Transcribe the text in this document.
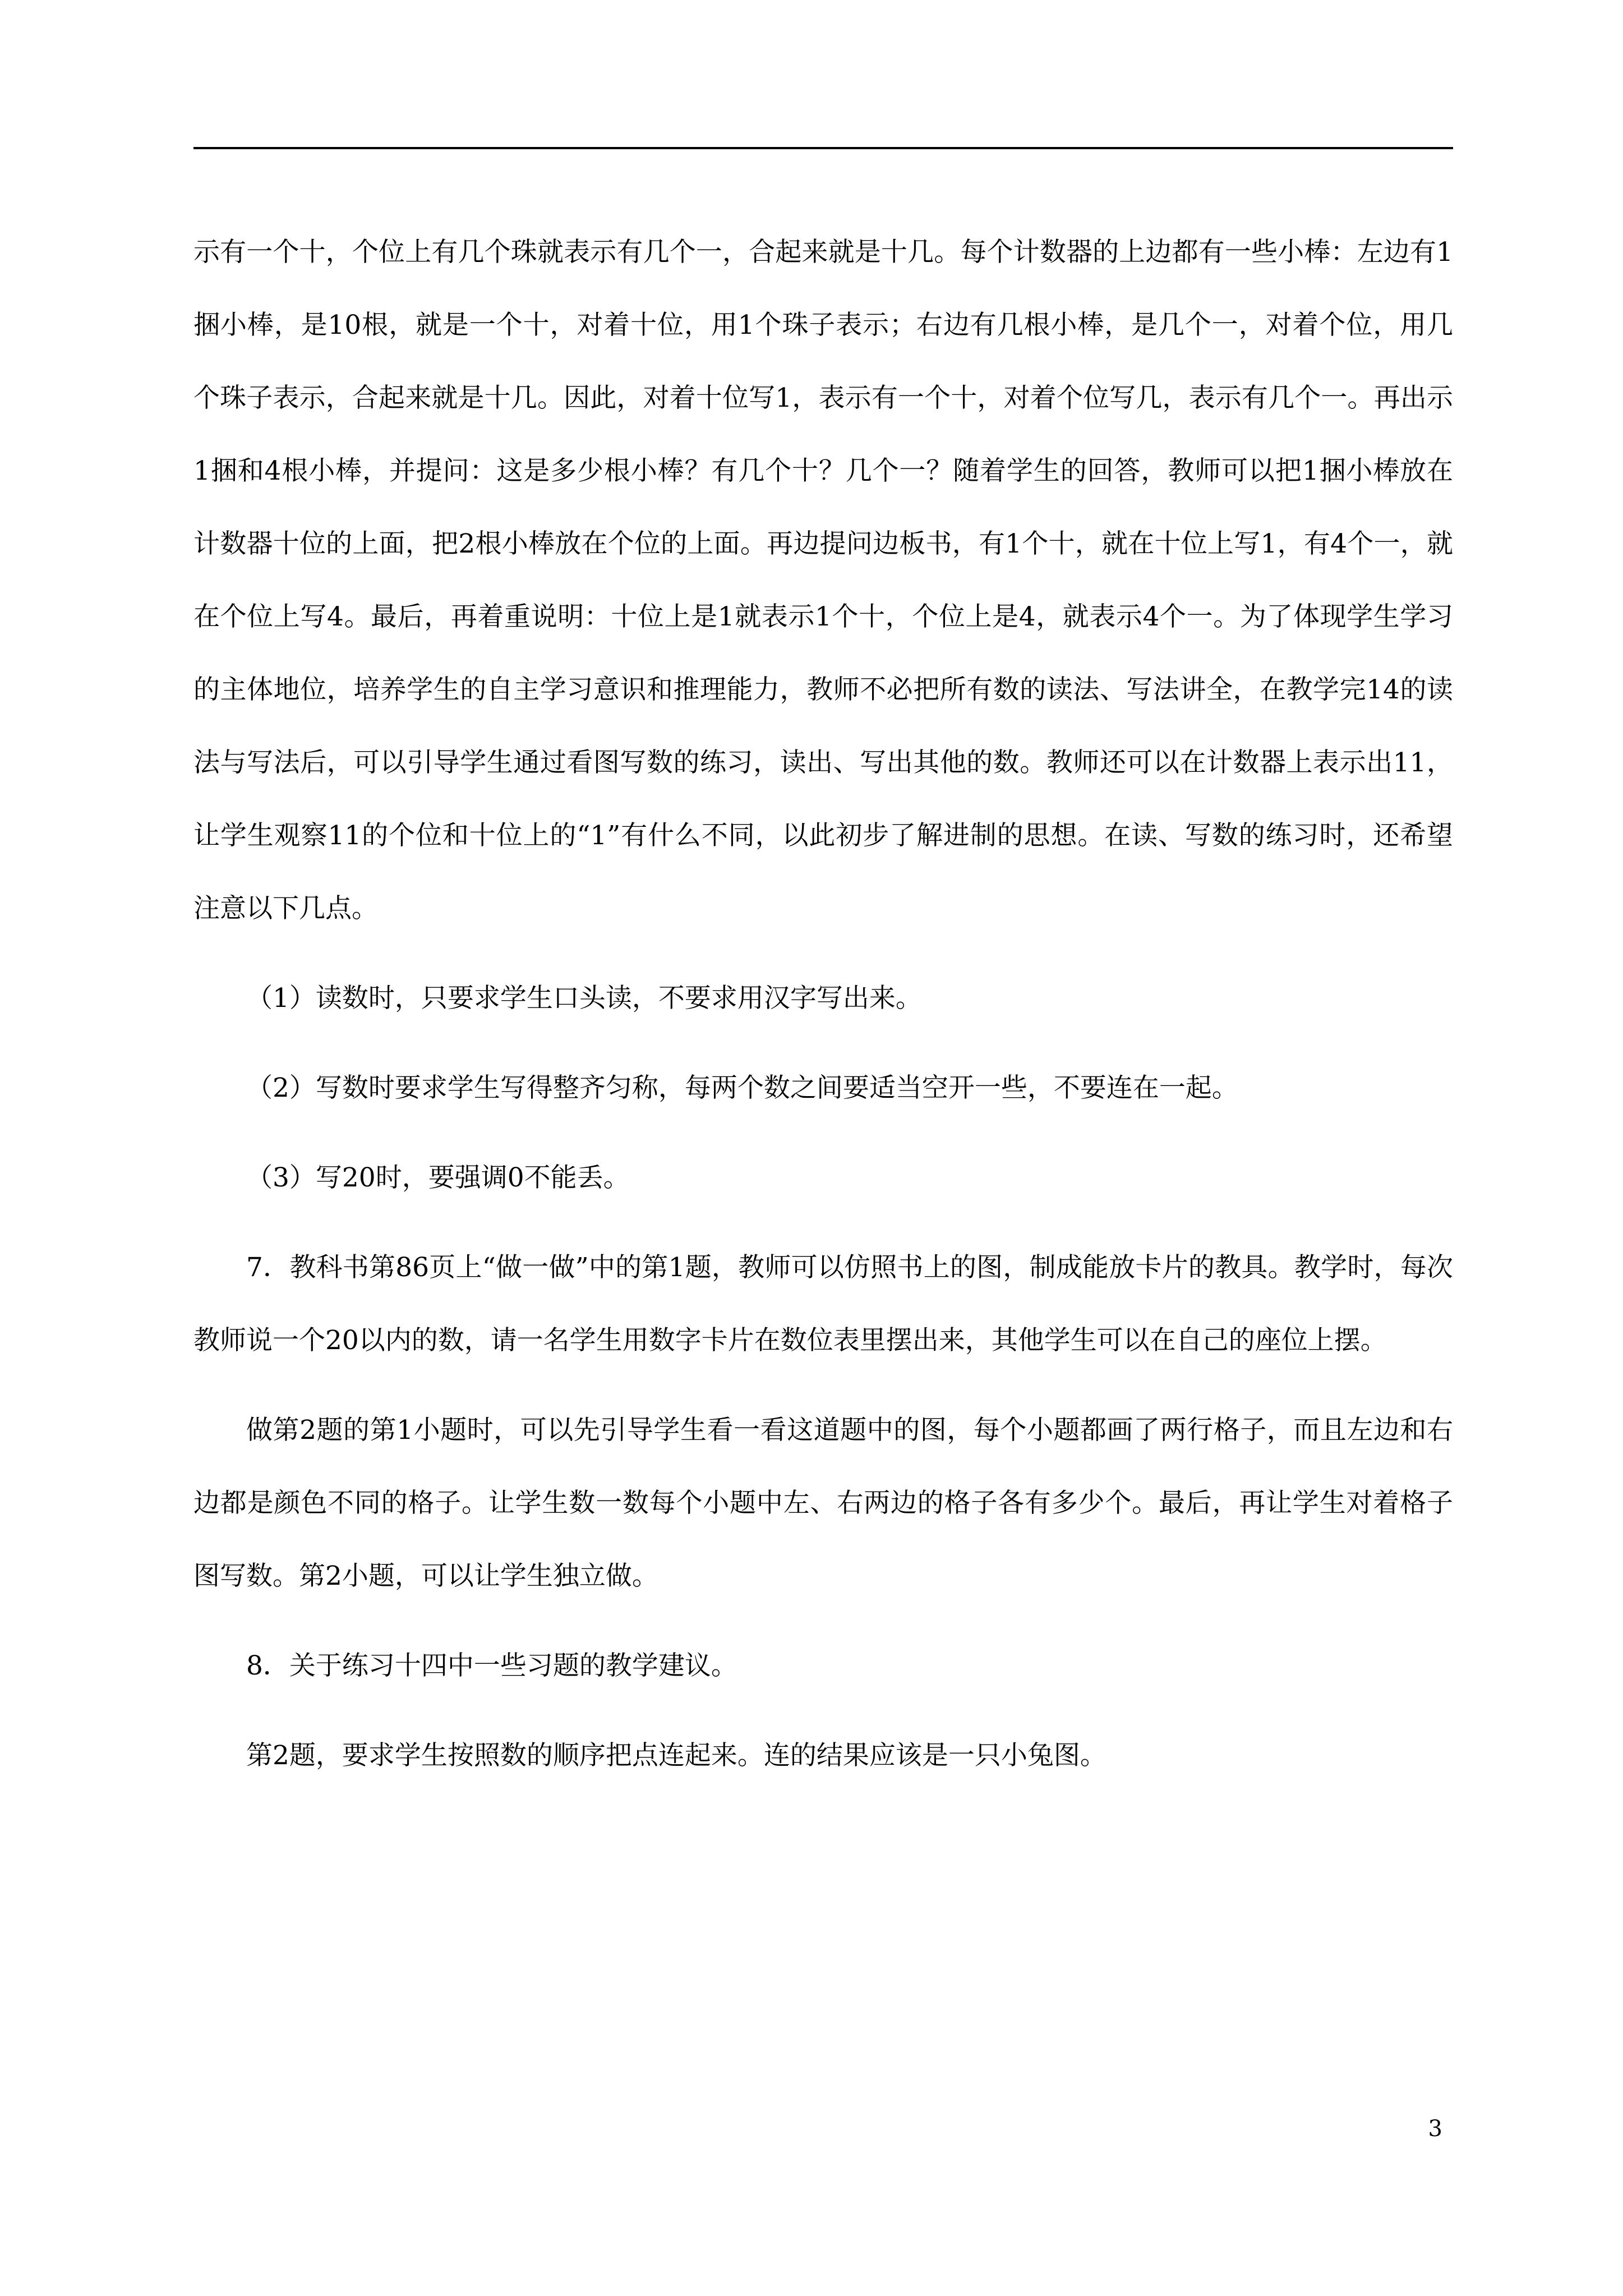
示有一个十，个位上有几个珠就表示有几个一，合起来就是十几。每个计数器的上边都有一些小棒：左边有1捆小棒，是10根，就是一个十，对着十位，用1个珠子表示；右边有几根小棒，是几个一，对着个位，用几个珠子表示，合起来就是十几。因此，对着十位写1，表示有一个十，对着个位写几，表示有几个一。再出示1捆和4根小棒，并提问：这是多少根小棒？有几个十？几个一？随着学生的回答，教师可以把1捆小棒放在计数器十位的上面，把2根小棒放在个位的上面。再边提问边板书，有1个十，就在十位上写1，有4个一，就在个位上写4。最后，再着重说明：十位上是1就表示1个十，个位上是4，就表示4个一。为了体现学生学习的主体地位，培养学生的自主学习意识和推理能力，教师不必把所有数的读法、写法讲全，在教学完14的读法与写法后，可以引导学生通过看图写数的练习，读出、写出其他的数。教师还可以在计数器上表示出11，让学生观察11的个位和十位上的“1”有什么不同，以此初步了解进制的思想。在读、写数的练习时，还希望注意以下几点。

（1）读数时，只要求学生口头读，不要求用汉字写出来。

（2）写数时要求学生写得整齐匀称，每两个数之间要适当空开一些，不要连在一起。

（3）写20时，要强调0不能丢。

7．教科书第86页上“做一做”中的第1题，教师可以仿照书上的图，制成能放卡片的教具。教学时，每次教师说一个20以内的数，请一名学生用数字卡片在数位表里摆出来，其他学生可以在自己的座位上摆。

做第2题的第1小题时，可以先引导学生看一看这道题中的图，每个小题都画了两行格子，而且左边和右边都是颜色不同的格子。让学生数一数每个小题中左、右两边的格子各有多少个。最后，再让学生对着格子图写数。第2小题，可以让学生独立做。

8．关于练习十四中一些习题的教学建议。

第2题，要求学生按照数的顺序把点连起来。连的结果应该是一只小兔图。

3
